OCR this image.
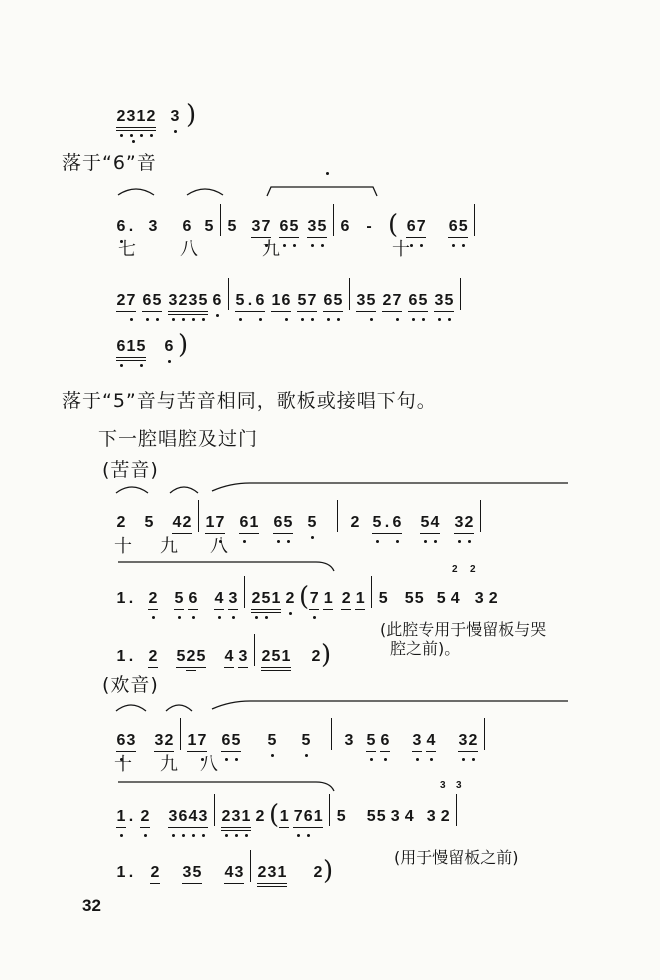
2 3 1 2 3 )
落于“6”音
6 . 3 6 5 5 3 7 6 5 3 5 6 - ( 6 7 6 5
七 八	九	十
2 7 6 5 3 2 3 5 6 5 . 6 1 6 5 7 6 5 3 5 2 7 6 5 3 5
6 1 5 6 )
落于“5”音与苦音相同，歌板或接唱下句。
下一腔唱腔及过门
(苦音)
2 5 4 2 1 7 6 1 6 5 5 2 5 . 6 5 4 3 2
十 九 八
1 . 2 5 6 4 3 2 5 1 2 ( 7 1 2 1 5 5 5 5 4 3 2
2 2
1 . 2 5 2 5 4 3 2 5 1 2 )
(此腔专用于慢留板与哭
腔之前)。
(欢音)
6 3 3 2 1 7 6 5 5 5 3 5 6 3 4 3 2
十 九 八
1 . 2 3 6 4 3 2 3 1 2 ( 1 7 6 1 5 5 5 3 4 3 2
3 3
1 . 2 3 5 4 3 2 3 1 2 )	(用于慢留板之前)
32
